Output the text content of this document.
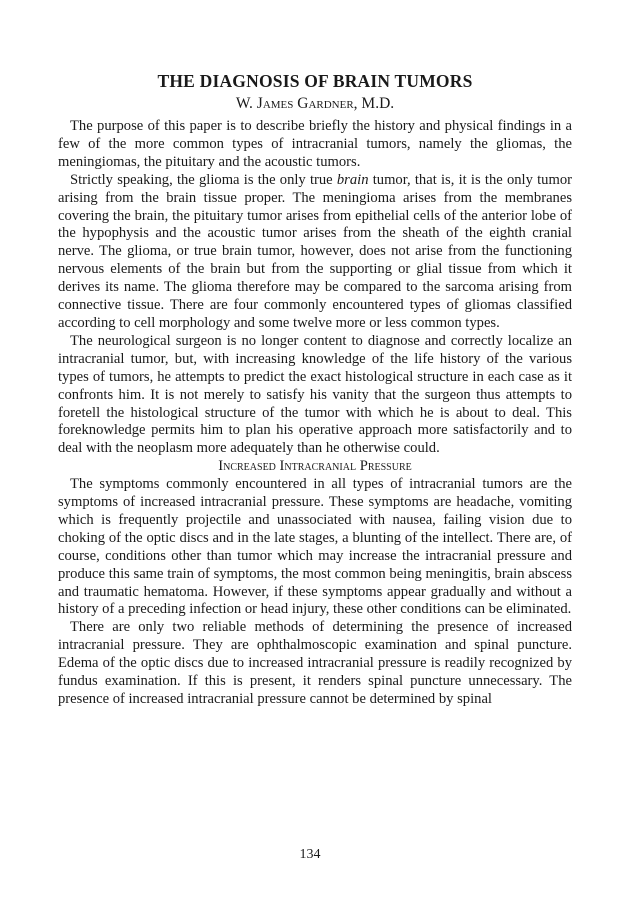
THE DIAGNOSIS OF BRAIN TUMORS
W. James Gardner, M.D.

The purpose of this paper is to describe briefly the history and physical findings in a few of the more common types of intracranial tumors, namely the gliomas, the meningiomas, the pituitary and the acoustic tumors.

Strictly speaking, the glioma is the only true brain tumor, that is, it is the only tumor arising from the brain tissue proper. The meningioma arises from the membranes covering the brain, the pituitary tumor arises from epithelial cells of the anterior lobe of the hypophysis and the acoustic tumor arises from the sheath of the eighth cranial nerve. The glioma, or true brain tumor, however, does not arise from the functioning nervous elements of the brain but from the supporting or glial tissue from which it derives its name. The glioma therefore may be compared to the sarcoma arising from connective tissue. There are four commonly encountered types of gliomas classified according to cell morphology and some twelve more or less common types.

The neurological surgeon is no longer content to diagnose and correctly localize an intracranial tumor, but, with increasing knowledge of the life history of the various types of tumors, he attempts to predict the exact histological structure in each case as it confronts him. It is not merely to satisfy his vanity that the surgeon thus attempts to foretell the histological structure of the tumor with which he is about to deal. This foreknowledge permits him to plan his operative approach more satisfactorily and to deal with the neoplasm more adequately than he otherwise could.

Increased Intracranial Pressure

The symptoms commonly encountered in all types of intracranial tumors are the symptoms of increased intracranial pressure. These symptoms are headache, vomiting which is frequently projectile and unassociated with nausea, failing vision due to choking of the optic discs and in the late stages, a blunting of the intellect. There are, of course, conditions other than tumor which may increase the intracranial pressure and produce this same train of symptoms, the most common being meningitis, brain abscess and traumatic hematoma. However, if these symptoms appear gradually and without a history of a preceding infection or head injury, these other conditions can be eliminated.

There are only two reliable methods of determining the presence of increased intracranial pressure. They are ophthalmoscopic examination and spinal puncture. Edema of the optic discs due to increased intracranial pressure is readily recognized by fundus examination. If this is present, it renders spinal puncture unnecessary. The presence of increased intracranial pressure cannot be determined by spinal

134
